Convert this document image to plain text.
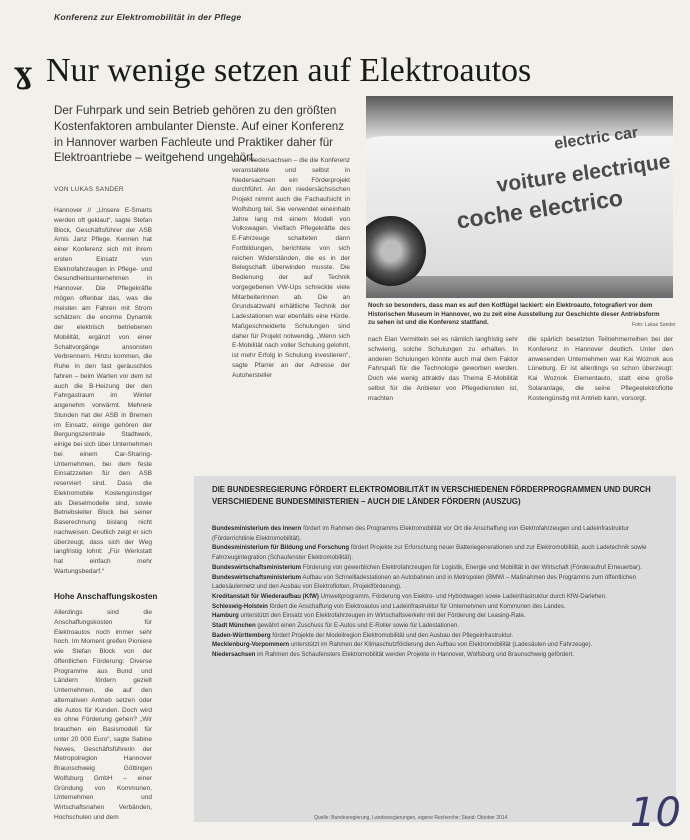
Konferenz zur Elektromobilität in der Pflege
ɣ Nur wenige setzen auf Elektroautos
Der Fuhrpark und sein Betrieb gehören zu den größten Kostenfaktoren ambulanter Dienste. Auf einer Konferenz in Hannover warben Fachleute und Praktiker daher für Elektroantriebe – weitgehend ungehört.
electric car
voiture electrique
coche electrico
Noch so besonders, dass man es auf den Kotflügel lackiert: ein Elektroauto, fotografiert vor dem Historischen Museum in Hannover, wo zu zeit eine Ausstellung zur Geschichte dieser Antriebsform zu sehen ist und die Konferenz stattfand.	Foto: Lukas Sander
VON LUKAS SANDER

Hannover // „Unsere E-Smarts werden oft geklaut“, sagte Stefan Block, Geschäftsführer der ASB Arnis Janz Pflege. Kennen hat einer Konferenz sich mit ihrem ersten Einsatz von Elektrofahrzeugen in Pflege- und Gesundheitsunternehmen in Hannover. Die Pflegekräfte mögen offenbar das, was die meisten am Fahren mit Strom schätzen: die enorme Dynamik der elektrisch betriebenen Mobilität, ergänzt von einer Schaltvorgänge ansonsten Verbrennern. Hinzu kommen, die Ruhe in den fast geräuschlos fahren – beim Warten vor dem ist auch die B-Heizung der den Fahrgastraum im Winter angenehm vorwärmt. Mehrere Stunden hat der ASB in Bremen im Einsatz, einige gehören der Bergungszentrale Stadtwerk, einige bei sich über Unternehmen bei einem Car-Sharing-Unternehmen, bei dem feste Einsatzzeiten für den ASB reserviert sind. Dass die Elektromobile Kostengünstiger als Dieselmodelle sind, sowie Betriebsleiter Block bei seiner Baserechnung bislang nicht nachweisen. Deutlich zeigt er sich überzeugt, dass sich der Weg langfristig lohnt: „Für Werkstatt hat einfach mehr Wartungsbedarf.“

Land Niedersachsen – die die Konferenz veranstaltete und selbst in Niedersachsen ein Förderprojekt durchführt. An den niedersächsischen Projekt nimmt auch die Fachaufsicht in Wolfsburg teil. Sie verwendet eineinhalb Jahre lang mit einem Modell von Volkswagen. Vielfach Pflegekräfte des E-Fahrzeuge schalteten dann Fortbildungen, berichtete von sich reichen Widerständen, die es in der Belegschaft überwinden musste. Die Bedienung der auf Technik vorgegebenen VW-Ups schreckte viele Mitarbeiterinnen ab. Die an Grundsatzwahl erhältliche Technik der Ladestationen war ebenfalls eine Hürde. Maßgeschneiderte Schulungen sind daher für Projekt notwendig. „Wenn sich E-Mobilität nach voller Schulung gelohnt, ist mehr Erfolg in Schulung investieren“, sagte Pfarrer an der Adresse der Autohersteller

nach Elan Vermitteln sei es nämlich langfristig sehr schwierig, solche Schulungen zu erhalten. In anderen Schulungen könnte auch mal dem Faktor Fahrspaß für die Technologie geworben werden. Doch wie wenig attraktiv das Thema E-Mobilität selbst für die Anbieter von Pflegediensten ist, machten

die spärlich besetzten Teilnehmerreihen bei der Konferenz in Hannover deutlich. Unter den anwesenden Unternehmen war Kai Woznok aus Lüneburg. Er ist allerdings so schon überzeugt: Kai Woznok Elementauto, statt eine große Solaranlage, die seine Pflegeelektroflotte Kostengünstig mit Antrieb kann, vorsorgt.

Hohe Anschaffungskosten

Allerdings sind die Anschaffungskosten für Elektroautos noch immer sehr hoch. Im Moment greifen Pioniere wie Stefan Block von der öffentlichen Förderung: Diverse Programme aus Bund und Ländern fördern gezielt Unternehmen, die auf den alternativen Antrieb setzen oder die Autos für Kunden. Doch wird es ohne Förderung gehen? „Wir brauchen ein Basismodell für unter 20 000 Euro“, sagte Sabine Newes, Geschäftsführerin der Metropolregion Hannover Braunschweig Göttingen Wolfsburg GmbH – einer Gründung von Kommunen, Unternehmen und Wirtschaftsnahen Verbänden, Hochschulen und dem

DIE BUNDESREGIERUNG FÖRDERT ELEKTROMOBILITÄT IN VERSCHIEDENEN FÖRDERPROGRAMMEN UND DURCH VERSCHIEDENE BUNDESMINISTERIEN – AUCH DIE LÄNDER FÖRDERN (AUSZUG)

Bundesministerium des Innern fördert im Rahmen des Programms Elektromobilität vor Ort die Anschaffung von Elektrofahrzeugen und Ladeinfrastruktur (Förderrichtlinie Elektromobilität).

Bundesministerium für Bildung und Forschung fördert Projekte zur Erforschung neuer Batteriegenerationen und zur Elektromobilität, auch Ladetechnik sowie Fahrzeugintegration (Schaufenster Elektromobilität).

Bundeswirtschaftsministerium Förderung von gewerblichen Elektrofahrzeugen für Logistik, Energie und Mobilität in der Wirtschaft (Förderaufruf Erneuerbar).

Bundeswirtschaftsministerium Aufbau von Schnellladestationen an Autobahnen und in Metropolen (BMWi – Maßnahmen des Programms zum öffentlichen Ladesäulennetz und den Ausbau von Elektroflotten, Projektförderung).

Kreditanstalt für Wiederaufbau (KfW) Umweltprogramm, Förderung von Elektro- und Hybridwagen sowie Ladeinfrastruktur durch KfW-Darlehen.

Schleswig-Holstein fördert die Anschaffung von Elektroautos und Ladeinfrastruktur für Unternehmen und Kommunen des Landes.

Hamburg unterstützt den Einsatz von Elektrofahrzeugen im Wirtschaftsverkehr mit der Förderung der Leasing-Rate.

Stadt München gewährt einen Zuschuss für E-Autos und E-Roller sowie für Ladestationen.

Baden-Württemberg fördert Projekte der Modellregion Elektromobilität und den Ausbau der Pflegeinfrastruktur.

Mecklenburg-Vorpommern unterstützt im Rahmen der Klimaschutzförderung den Aufbau von Elektromobilität (Ladesäulen und Fahrzeuge).

Niedersachsen im Rahmen des Schaufensters Elektromobilität werden Projekte in Hannover, Wolfsburg und Braunschweig gefördert.

Quelle: Bundesregierung, Landesregierungen, eigene Recherche; Stand: Oktober 2014	10
